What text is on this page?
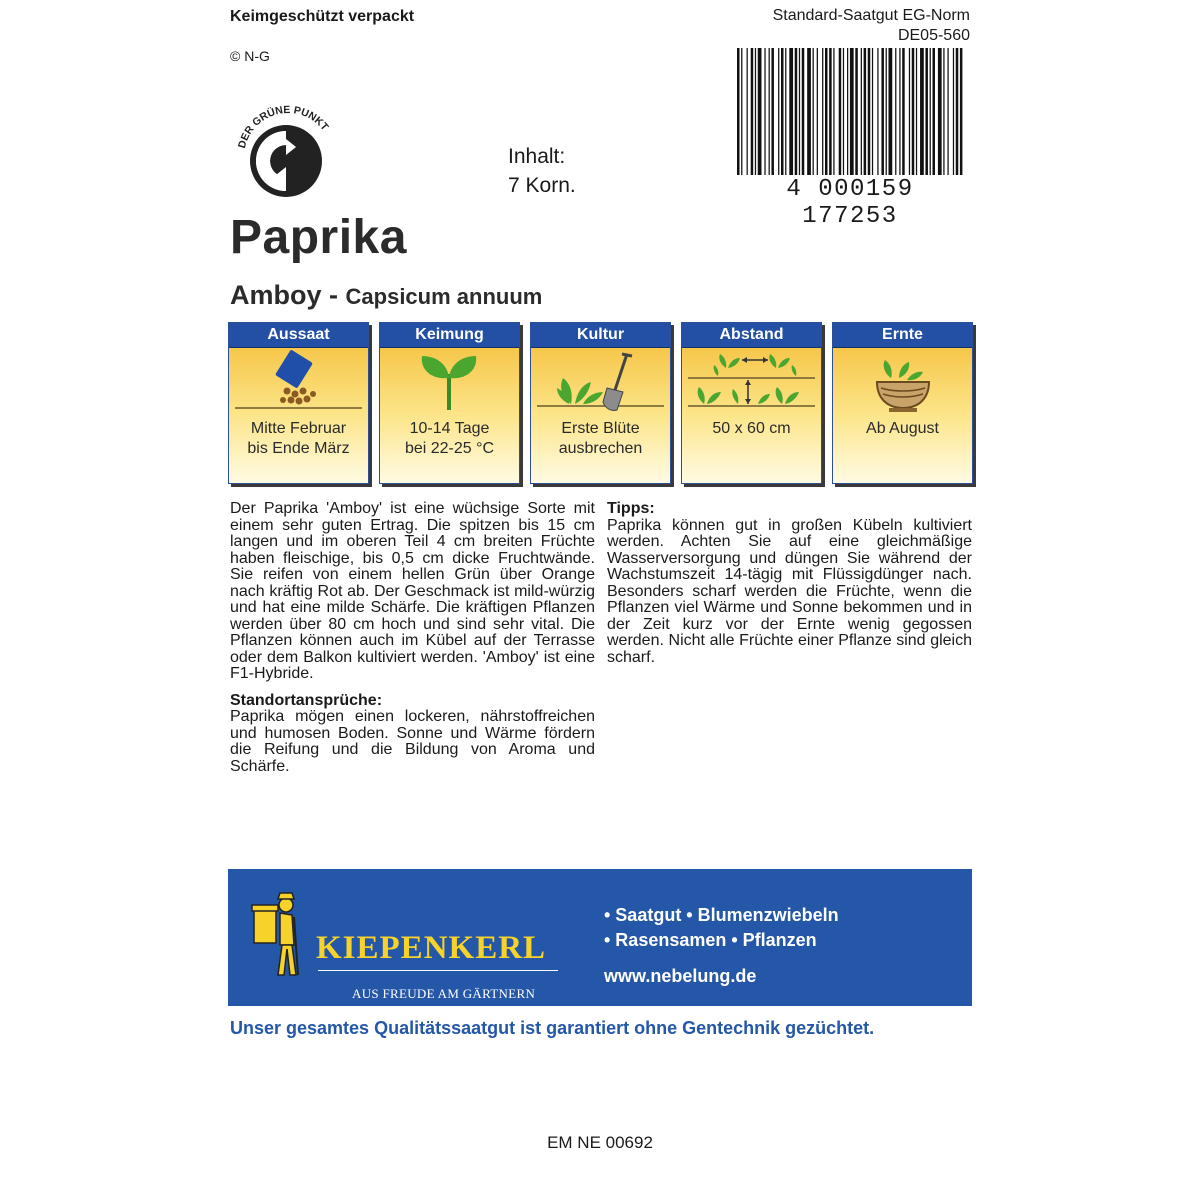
Keimgeschützt verpackt
© N-G
Standard-Saatgut EG-Norm
DE05-560
DER GRÜNE PUNKT
Inhalt:
7 Korn.	4 000159 177253
Paprika
Amboy - Capsicum annuum
Aussaat
Mitte Februar
bis Ende März
Keimung
10-14 Tage
bei 22-25 °C
Kultur
Erste Blüte
ausbrechen
Abstand
50 x 60 cm
Ernte
Ab August

Der Paprika 'Amboy' ist eine wüchsige Sorte mit einem sehr guten Ertrag. Die spitzen bis 15 cm langen und im oberen Teil 4 cm breiten Früchte haben fleischige, bis 0,5 cm dicke Fruchtwände. Sie reifen von einem hellen Grün über Orange nach kräftig Rot ab. Der Geschmack ist mild-würzig und hat eine milde Schärfe. Die kräftigen Pflanzen werden über 80 cm hoch und sind sehr vital. Die Pflanzen können auch im Kübel auf der Terrasse oder dem Balkon kultiviert werden. 'Amboy' ist eine F1-Hybride.

Standortansprüche:

Paprika mögen einen lockeren, nährstoffreichen und humosen Boden. Sonne und Wärme fördern die Reifung und die Bildung von Aroma und Schärfe.

Tipps:

Paprika können gut in großen Kübeln kultiviert werden. Achten Sie auf eine gleichmäßige Wasserversorgung und düngen Sie während der Wachstumszeit 14-tägig mit Flüssigdünger nach. Besonders scharf werden die Früchte, wenn die Pflanzen viel Wärme und Sonne bekommen und in der Zeit kurz vor der Ernte wenig gegossen werden. Nicht alle Früchte einer Pflanze sind gleich scharf.

KIEPENKERL
AUS FREUDE AM GÄRTNERN
• Saatgut • Blumenzwiebeln
• Rasensamen • Pflanzen
www.nebelung.de
Unser gesamtes Qualitätssaatgut ist garantiert ohne Gentechnik gezüchtet.
EM NE 00692
